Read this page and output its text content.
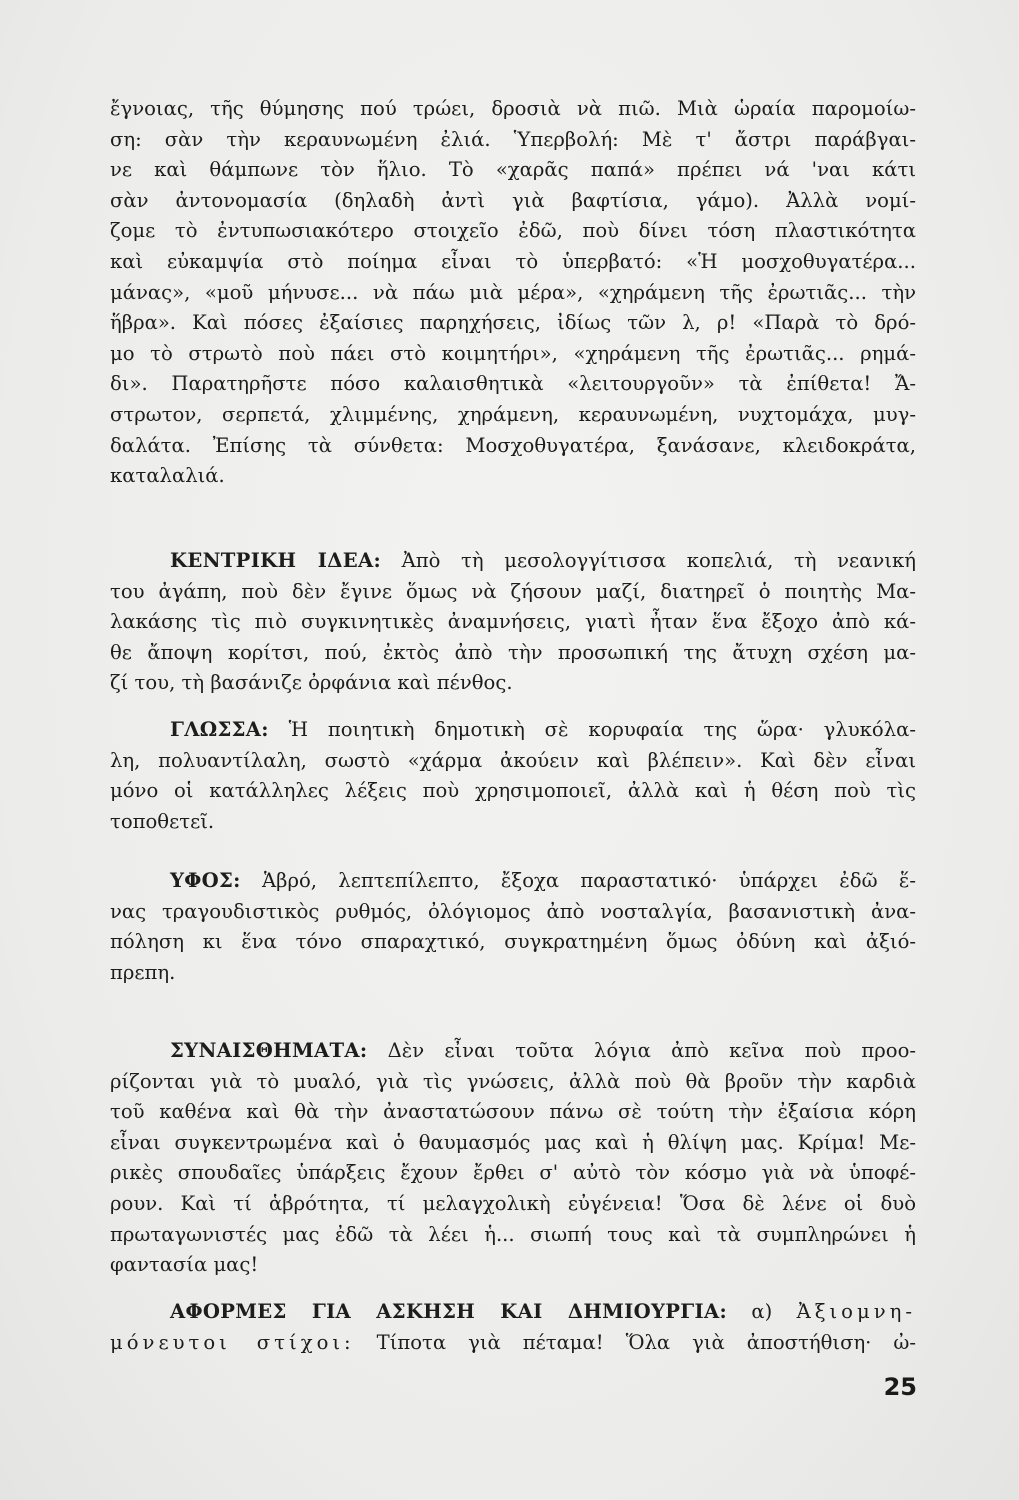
ἔγνοιας, τῆς θύμησης πού τρώει, δροσιὰ νὰ πιῶ. Μιὰ ὡραία παρομοίω-
ση: σὰν τὴν κεραυνωμένη ἐλιά. Ὑπερβολή: Μὲ τ' ἄστρι παράβγαι-
νε καὶ θάμπωνε τὸν ἥλιο. Τὸ «χαρᾶς παπά» πρέπει νά 'ναι κάτι
σὰν ἀντονομασία (δηλαδὴ ἀντὶ γιὰ βαφτίσια, γάμο). Ἀλλὰ νομί-
ζομε τὸ ἐντυπωσιακότερο στοιχεῖο ἐδῶ, ποὺ δίνει τόση πλαστικότητα
καὶ εὐκαμψία στὸ ποίημα εἶναι τὸ ὑπερβατό: «Ἡ μοσχοθυγατέρα...
μάνας», «μοῦ μήνυσε... νὰ πάω μιὰ μέρα», «χηράμενη τῆς ἐρωτιᾶς... τὴν
ἥβρα». Καὶ πόσες ἐξαίσιες παρηχήσεις, ἰδίως τῶν λ, ρ! «Παρὰ τὸ δρό-
μο τὸ στρωτὸ ποὺ πάει στὸ κοιμητήρι», «χηράμενη τῆς ἐρωτιᾶς... ρημά-
δι». Παρατηρῆστε πόσο καλαισθητικὰ «λειτουργοῦν» τὰ ἐπίθετα! Ἄ-
στρωτον, σερπετά, χλιμμένης, χηράμενη, κεραυνωμένη, νυχτομάχα, μυγ-
δαλάτα. Ἐπίσης τὰ σύνθετα: Μοσχοθυγατέρα, ξανάσανε, κλειδοκράτα,
καταλαλιά.
ΚΕΝΤΡΙΚΗ ΙΔΕΑ: Ἀπὸ τὴ μεσολογγίτισσα κοπελιά, τὴ νεανική
του ἀγάπη, ποὺ δὲν ἔγινε ὅμως νὰ ζήσουν μαζί, διατηρεῖ ὁ ποιητὴς Μα-
λακάσης τὶς πιὸ συγκινητικὲς ἀναμνήσεις, γιατὶ ἦταν ἕνα ἔξοχο ἀπὸ κά-
θε ἄποψη κορίτσι, πού, ἐκτὸς ἀπὸ τὴν προσωπική της ἄτυχη σχέση μα-
ζί του, τὴ βασάνιζε ὀρφάνια καὶ πένθος.
ΓΛΩΣΣΑ: Ἡ ποιητικὴ δημοτικὴ σὲ κορυφαία της ὥρα· γλυκόλα-
λη, πολυαντίλαλη, σωστὸ «χάρμα ἀκούειν καὶ βλέπειν». Καὶ δὲν εἶναι
μόνο οἱ κατάλληλες λέξεις ποὺ χρησιμοποιεῖ, ἀλλὰ καὶ ἡ θέση ποὺ τὶς
τοποθετεῖ.
ΥΦΟΣ: Ἁβρό, λεπτεπίλεπτο, ἔξοχα παραστατικό· ὑπάρχει ἐδῶ ἕ-
νας τραγουδιστικὸς ρυθμός, ὀλόγιομος ἀπὸ νοσταλγία, βασανιστικὴ ἀνα-
πόληση κι ἕνα τόνο σπαραχτικό, συγκρατημένη ὅμως ὀδύνη καὶ ἀξιό-
πρεπη.
ΣΥΝΑΙΣΘΗΜΑΤΑ: Δὲν εἶναι τοῦτα λόγια ἀπὸ κεῖνα ποὺ προο-
ρίζονται γιὰ τὸ μυαλό, γιὰ τὶς γνώσεις, ἀλλὰ ποὺ θὰ βροῦν τὴν καρδιὰ
τοῦ καθένα καὶ θὰ τὴν ἀναστατώσουν πάνω σὲ τούτη τὴν ἐξαίσια κόρη
εἶναι συγκεντρωμένα καὶ ὁ θαυμασμός μας καὶ ἡ θλίψη μας. Κρίμα! Με-
ρικὲς σπουδαῖες ὑπάρξεις ἔχουν ἔρθει σ' αὐτὸ τὸν κόσμο γιὰ νὰ ὑποφέ-
ρουν. Καὶ τί ἁβρότητα, τί μελαγχολικὴ εὐγένεια! Ὅσα δὲ λένε οἱ δυὸ
πρωταγωνιστές μας ἐδῶ τὰ λέει ἡ... σιωπή τους καὶ τὰ συμπληρώνει ἡ
φαντασία μας!
ΑΦΟΡΜΕΣ ΓΙΑ ΑΣΚΗΣΗ ΚΑΙ ΔΗΜΙΟΥΡΓΙΑ: α) Ἀξιομνη-
μόνευτοι στίχοι: Τίποτα γιὰ πέταμα! Ὅλα γιὰ ἀποστήθιση· ὠ-
25
